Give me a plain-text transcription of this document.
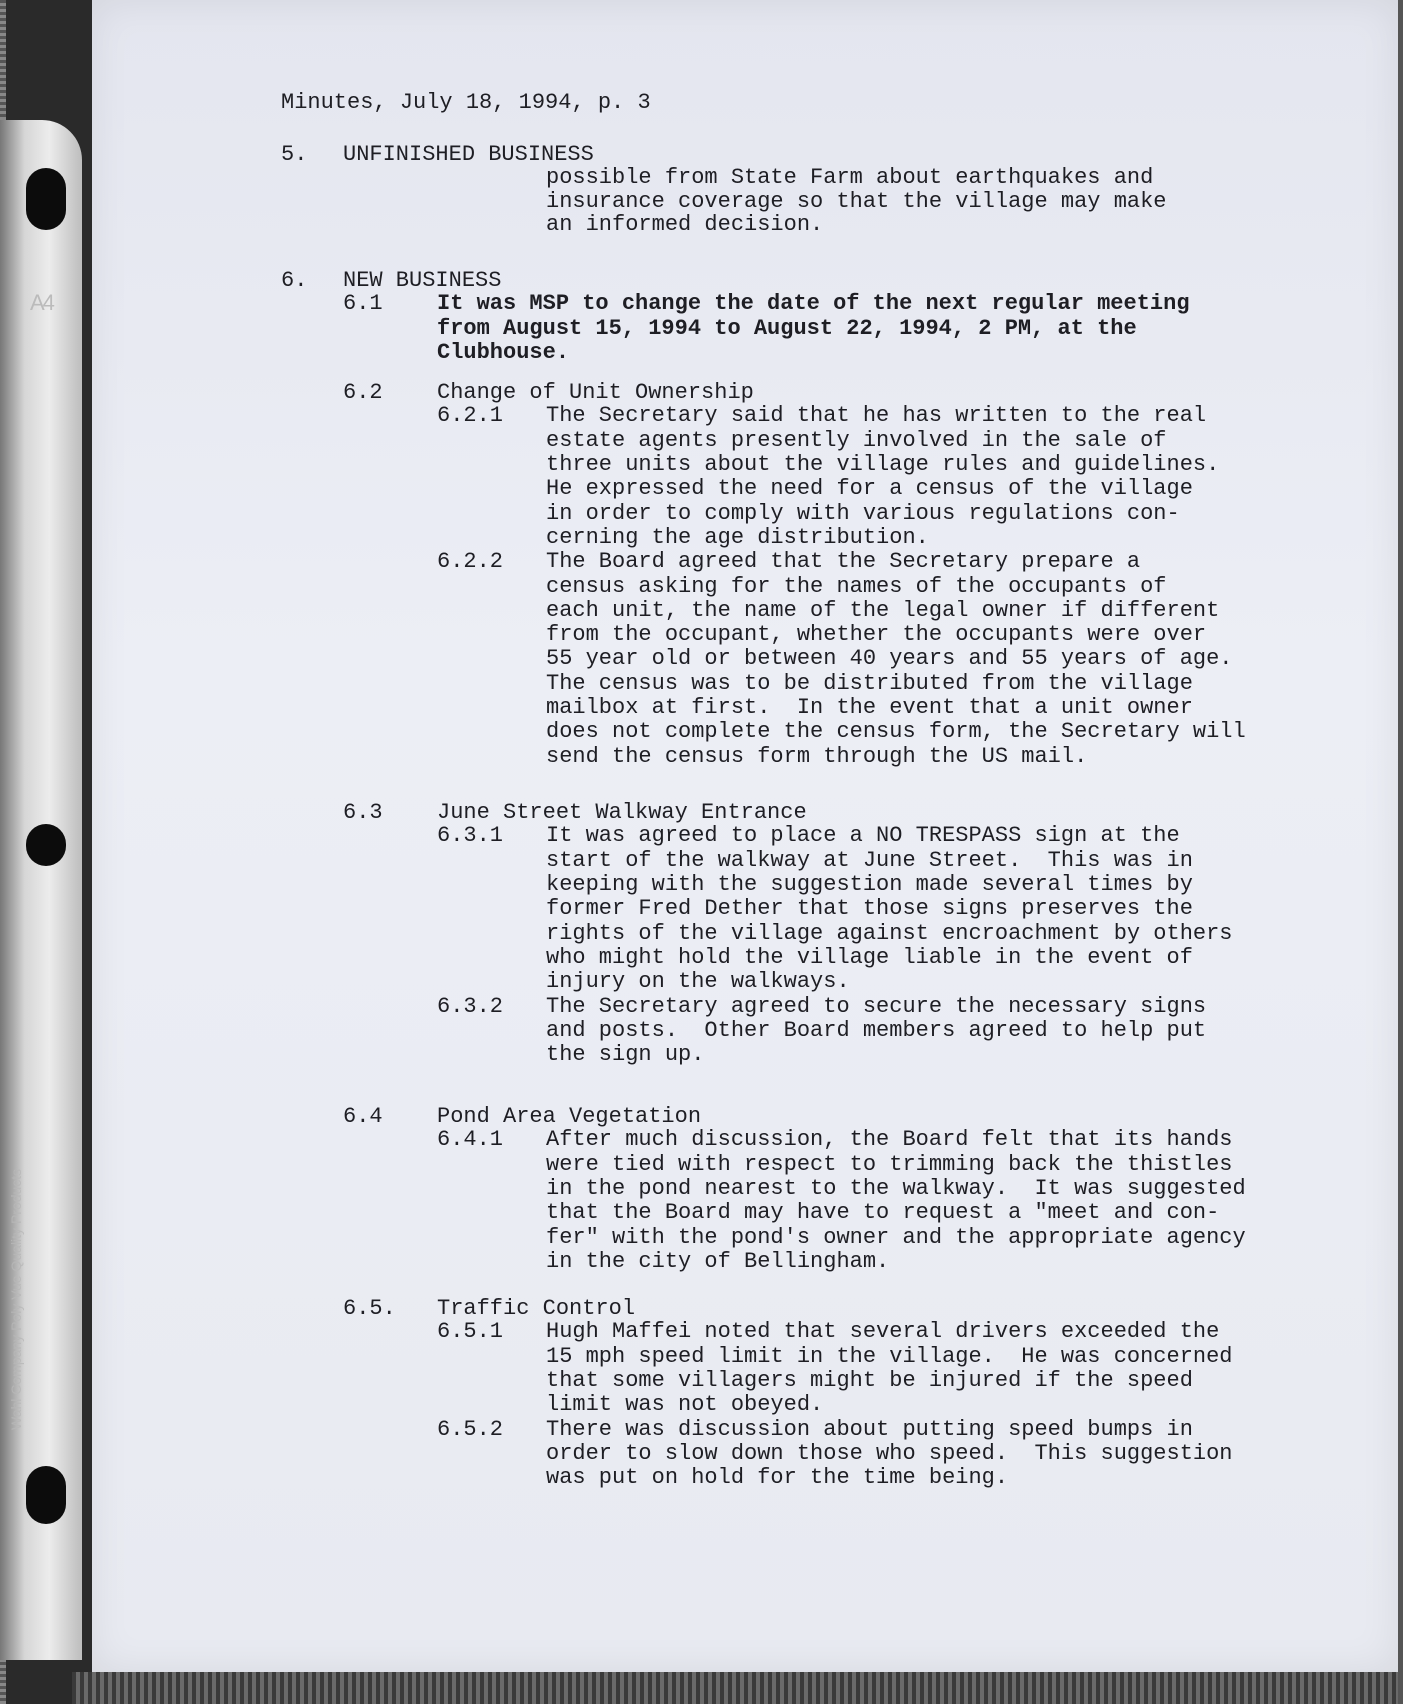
A4
Wahl Company Poly Vue Quality Products
Minutes, July 18, 1994, p. 3
5. UNFINISHED BUSINESS
possible from State Farm about earthquakes and
insurance coverage so that the village may make
an informed decision.
6. NEW BUSINESS
6.1 It was MSP to change the date of the next regular meeting
from August 15, 1994 to August 22, 1994, 2 PM, at the
Clubhouse.
6.2 Change of Unit Ownership
6.2.1 The Secretary said that he has written to the real
estate agents presently involved in the sale of
three units about the village rules and guidelines.
He expressed the need for a census of the village
in order to comply with various regulations con-
cerning the age distribution.
6.2.2 The Board agreed that the Secretary prepare a
census asking for the names of the occupants of
each unit, the name of the legal owner if different
from the occupant, whether the occupants were over
55 year old or between 40 years and 55 years of age.
The census was to be distributed from the village
mailbox at first.  In the event that a unit owner
does not complete the census form, the Secretary will
send the census form through the US mail.
6.3 June Street Walkway Entrance
6.3.1 It was agreed to place a NO TRESPASS sign at the
start of the walkway at June Street.  This was in
keeping with the suggestion made several times by
former Fred Dether that those signs preserves the
rights of the village against encroachment by others
who might hold the village liable in the event of
injury on the walkways.
6.3.2 The Secretary agreed to secure the necessary signs
and posts.  Other Board members agreed to help put
the sign up.
6.4 Pond Area Vegetation
6.4.1 After much discussion, the Board felt that its hands
were tied with respect to trimming back the thistles
in the pond nearest to the walkway.  It was suggested
that the Board may have to request a "meet and con-
fer" with the pond's owner and the appropriate agency
in the city of Bellingham.
6.5. Traffic Control
6.5.1 Hugh Maffei noted that several drivers exceeded the
15 mph speed limit in the village.  He was concerned
that some villagers might be injured if the speed
limit was not obeyed.
6.5.2 There was discussion about putting speed bumps in
order to slow down those who speed.  This suggestion
was put on hold for the time being.
